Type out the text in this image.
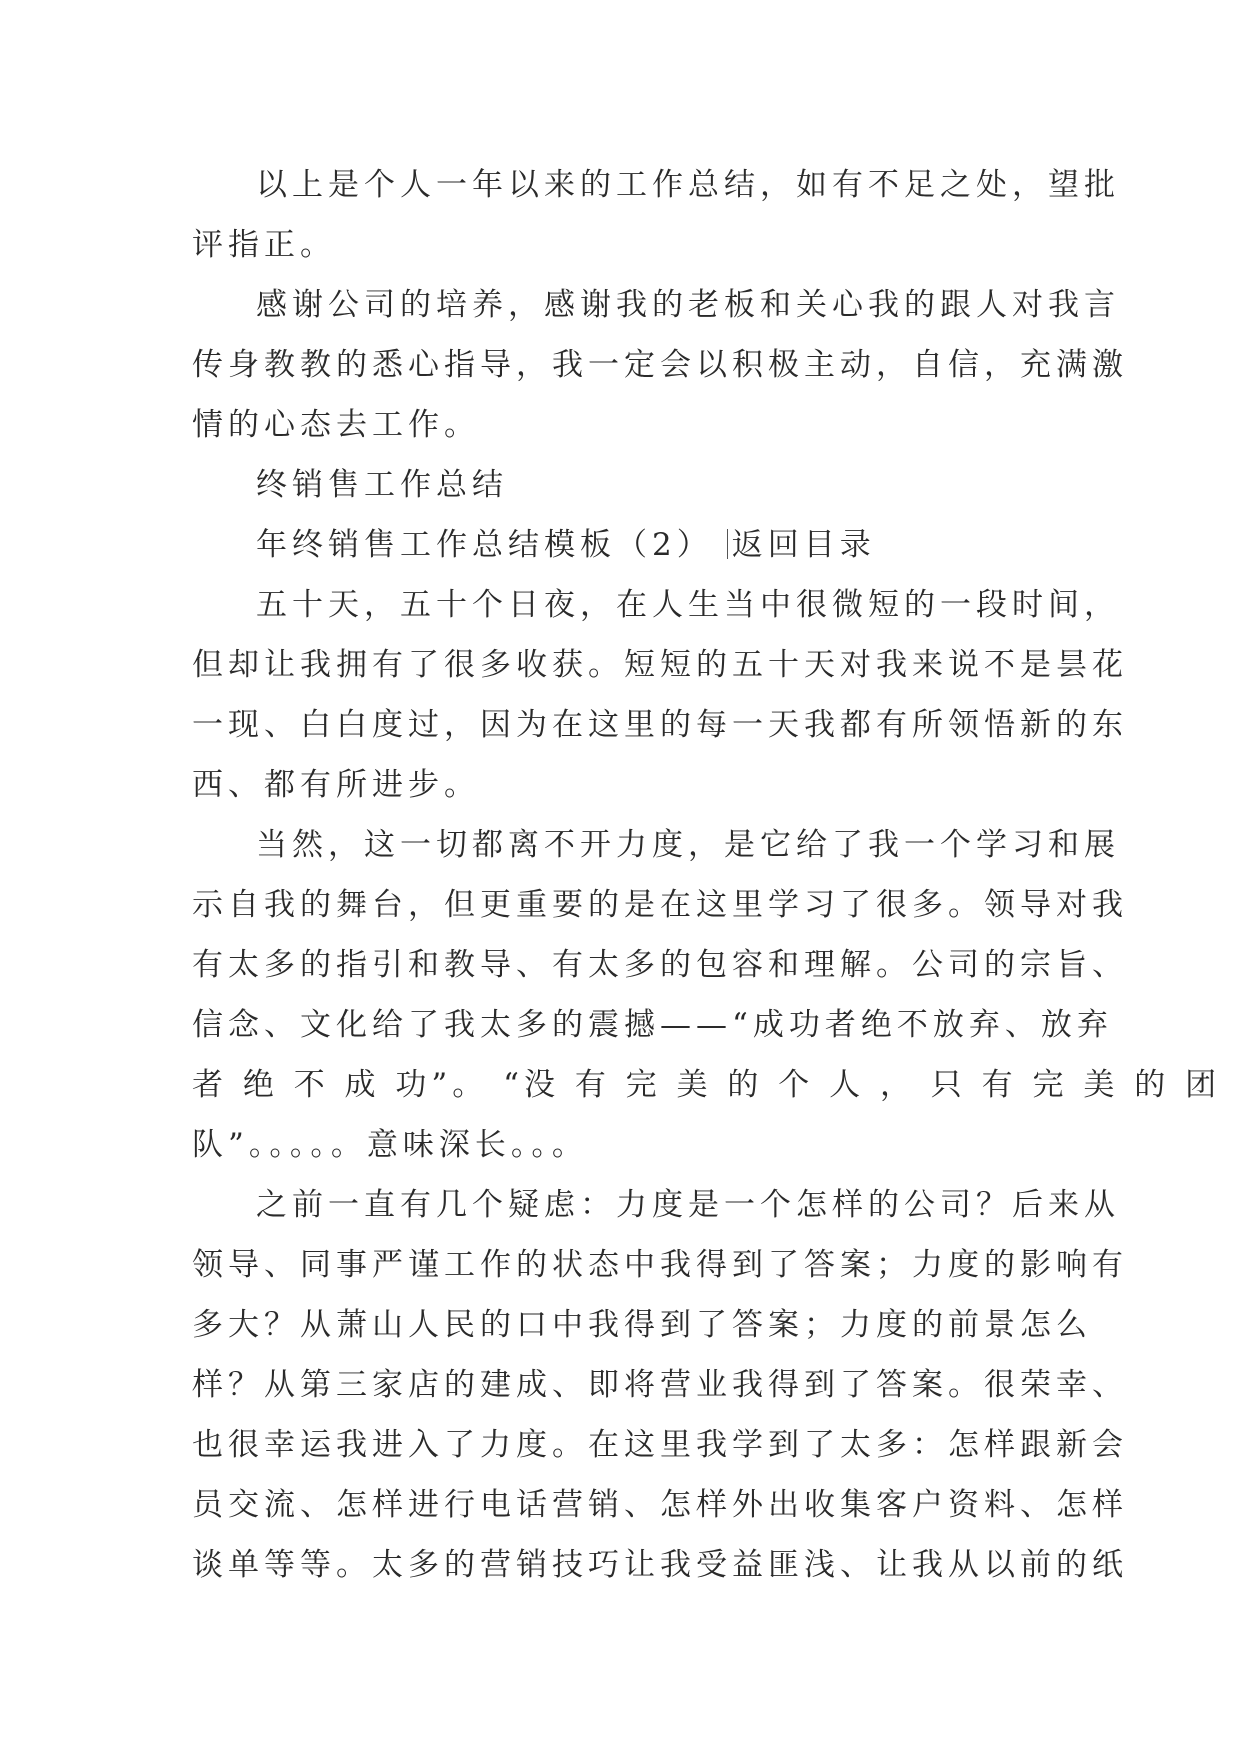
以上是个人一年以来的工作总结，如有不足之处，望批
评指正。
感谢公司的培养，感谢我的老板和关心我的跟人对我言
传身教教的悉心指导，我一定会以积极主动，自信，充满激
情的心态去工作。
终销售工作总结
年终销售工作总结模板（2） 返回目录
五十天，五十个日夜，在人生当中很微短的一段时间，
但却让我拥有了很多收获。短短的五十天对我来说不是昙花
一现、白白度过，因为在这里的每一天我都有所领悟新的东
西、都有所进步。
当然，这一切都离不开力度，是它给了我一个学习和展
示自我的舞台，但更重要的是在这里学习了很多。领导对我
有太多的指引和教导、有太多的包容和理解。公司的宗旨、
信念、文化给了我太多的震撼——“成功者绝不放弃、放弃
者 绝 不 成 功”。 “没 有 完 美 的 个 人 ， 只 有 完 美 的 团
队”。。。。。意味深长。。。
之前一直有几个疑虑：力度是一个怎样的公司？后来从
领导、同事严谨工作的状态中我得到了答案；力度的影响有
多大？从萧山人民的口中我得到了答案；力度的前景怎么
样？从第三家店的建成、即将营业我得到了答案。很荣幸、
也很幸运我进入了力度。在这里我学到了太多：怎样跟新会
员交流、怎样进行电话营销、怎样外出收集客户资料、怎样
谈单等等。太多的营销技巧让我受益匪浅、让我从以前的纸
